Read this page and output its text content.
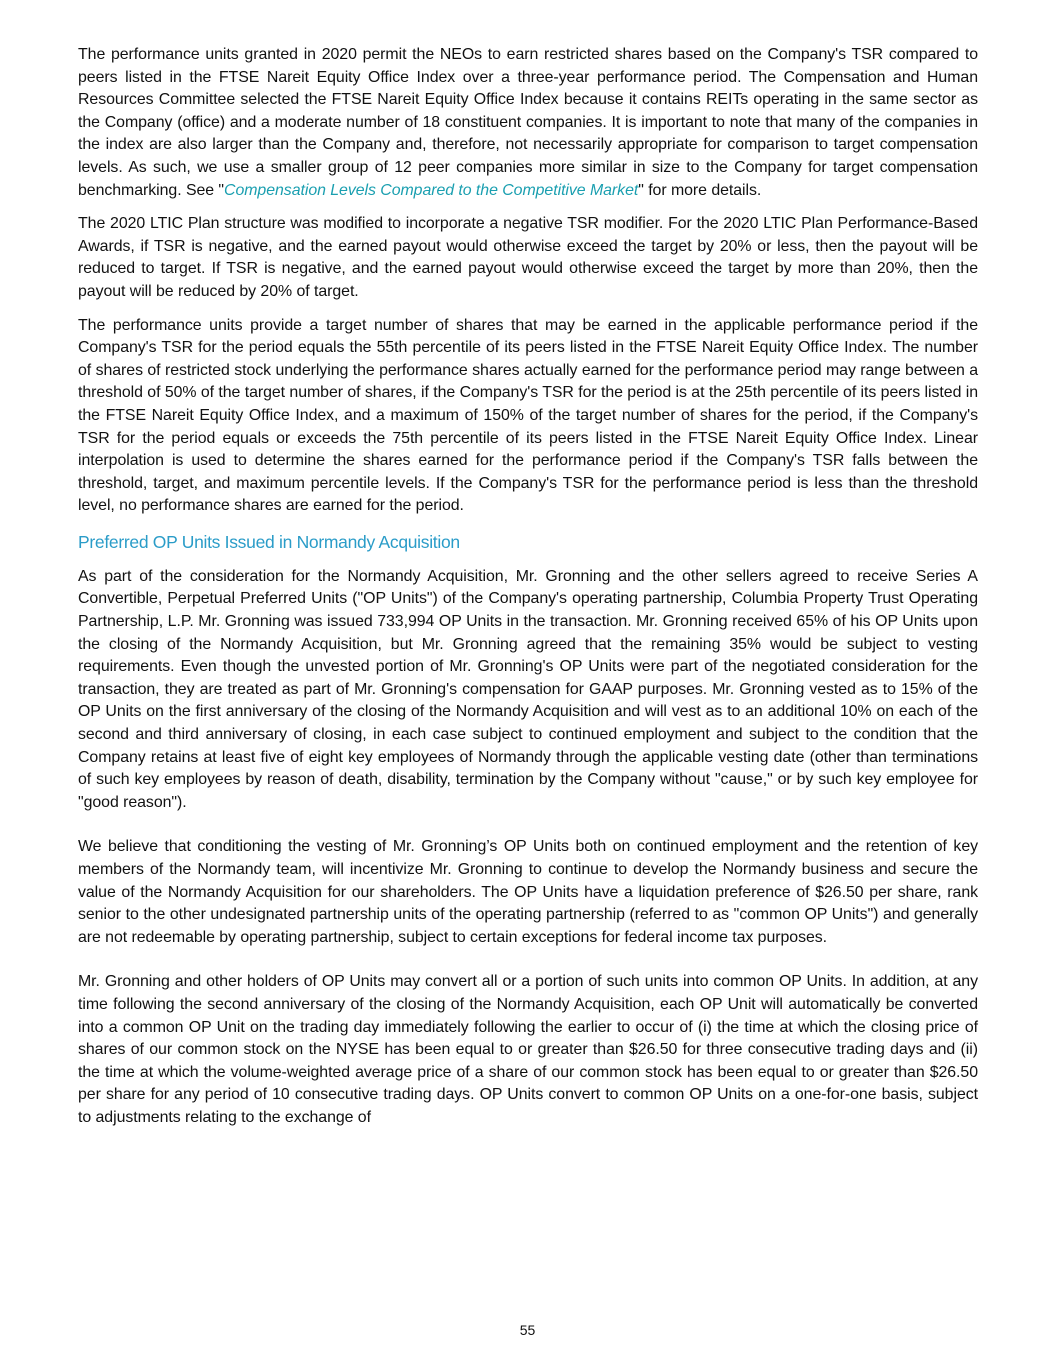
The performance units granted in 2020 permit the NEOs to earn restricted shares based on the Company's TSR compared to peers listed in the FTSE Nareit Equity Office Index over a three-year performance period. The Compensation and Human Resources Committee selected the FTSE Nareit Equity Office Index because it contains REITs operating in the same sector as the Company (office) and a moderate number of 18 constituent companies. It is important to note that many of the companies in the index are also larger than the Company and, therefore, not necessarily appropriate for comparison to target compensation levels. As such, we use a smaller group of 12 peer companies more similar in size to the Company for target compensation benchmarking. See "Compensation Levels Compared to the Competitive Market" for more details.

The 2020 LTIC Plan structure was modified to incorporate a negative TSR modifier. For the 2020 LTIC Plan Performance-Based Awards, if TSR is negative, and the earned payout would otherwise exceed the target by 20% or less, then the payout will be reduced to target. If TSR is negative, and the earned payout would otherwise exceed the target by more than 20%, then the payout will be reduced by 20% of target.

The performance units provide a target number of shares that may be earned in the applicable performance period if the Company's TSR for the period equals the 55th percentile of its peers listed in the FTSE Nareit Equity Office Index. The number of shares of restricted stock underlying the performance shares actually earned for the performance period may range between a threshold of 50% of the target number of shares, if the Company's TSR for the period is at the 25th percentile of its peers listed in the FTSE Nareit Equity Office Index, and a maximum of 150% of the target number of shares for the period, if the Company's TSR for the period equals or exceeds the 75th percentile of its peers listed in the FTSE Nareit Equity Office Index. Linear interpolation is used to determine the shares earned for the performance period if the Company's TSR falls between the threshold, target, and maximum percentile levels. If the Company's TSR for the performance period is less than the threshold level, no performance shares are earned for the period.

Preferred OP Units Issued in Normandy Acquisition

As part of the consideration for the Normandy Acquisition, Mr. Gronning and the other sellers agreed to receive Series A Convertible, Perpetual Preferred Units ("OP Units") of the Company's operating partnership, Columbia Property Trust Operating Partnership, L.P. Mr. Gronning was issued 733,994 OP Units in the transaction. Mr. Gronning received 65% of his OP Units upon the closing of the Normandy Acquisition, but Mr. Gronning agreed that the remaining 35% would be subject to vesting requirements. Even though the unvested portion of Mr. Gronning's OP Units were part of the negotiated consideration for the transaction, they are treated as part of Mr. Gronning's compensation for GAAP purposes. Mr. Gronning vested as to 15% of the OP Units on the first anniversary of the closing of the Normandy Acquisition and will vest as to an additional 10% on each of the second and third anniversary of closing, in each case subject to continued employment and subject to the condition that the Company retains at least five of eight key employees of Normandy through the applicable vesting date (other than terminations of such key employees by reason of death, disability, termination by the Company without "cause," or by such key employee for "good reason").

We believe that conditioning the vesting of Mr. Gronning’s OP Units both on continued employment and the retention of key members of the Normandy team, will incentivize Mr. Gronning to continue to develop the Normandy business and secure the value of the Normandy Acquisition for our shareholders. The OP Units have a liquidation preference of $26.50 per share, rank senior to the other undesignated partnership units of the operating partnership (referred to as "common OP Units") and generally are not redeemable by operating partnership, subject to certain exceptions for federal income tax purposes.

Mr. Gronning and other holders of OP Units may convert all or a portion of such units into common OP Units. In addition, at any time following the second anniversary of the closing of the Normandy Acquisition, each OP Unit will automatically be converted into a common OP Unit on the trading day immediately following the earlier to occur of (i) the time at which the closing price of shares of our common stock on the NYSE has been equal to or greater than $26.50 for three consecutive trading days and (ii) the time at which the volume-weighted average price of a share of our common stock has been equal to or greater than $26.50 per share for any period of 10 consecutive trading days. OP Units convert to common OP Units on a one-for-one basis, subject to adjustments relating to the exchange of

55
